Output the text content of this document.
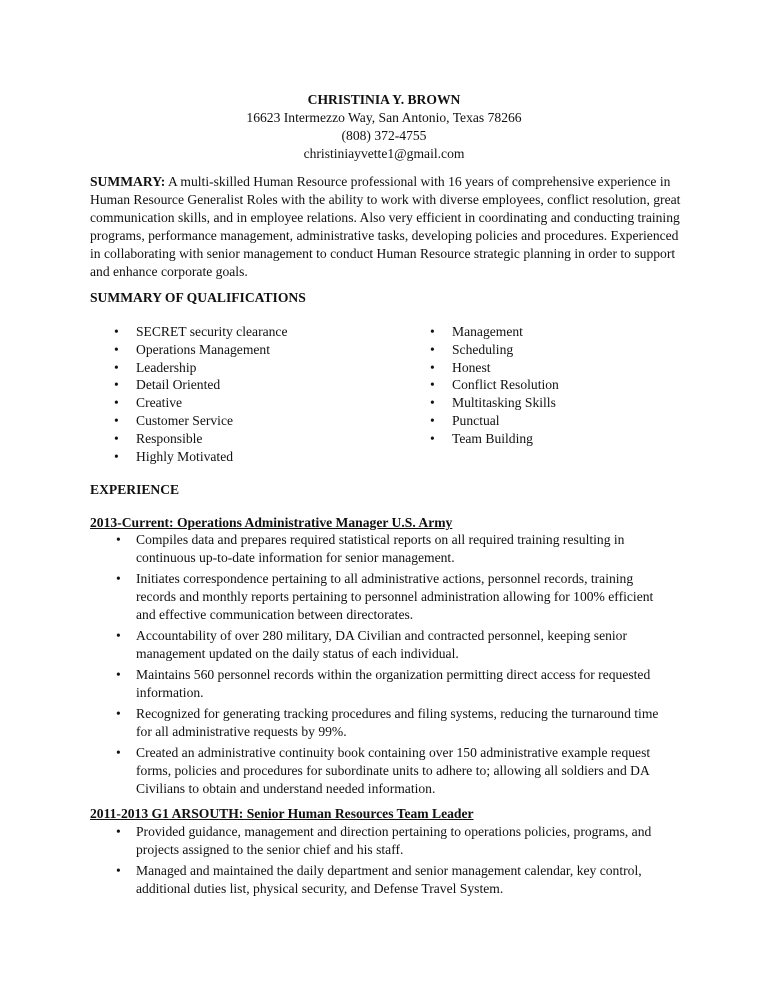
CHRISTINIA Y. BROWN
16623 Intermezzo Way, San Antonio, Texas 78266
(808) 372-4755
christiniayvette1@gmail.com
SUMMARY: A multi-skilled Human Resource professional with 16 years of comprehensive experience in Human Resource Generalist Roles with the ability to work with diverse employees, conflict resolution, great communication skills, and in employee relations. Also very efficient in coordinating and conducting training programs, performance management, administrative tasks, developing policies and procedures. Experienced in collaborating with senior management to conduct Human Resource strategic planning in order to support and enhance corporate goals.
SUMMARY OF QUALIFICATIONS
• SECRET security clearance
• Operations Management
• Leadership
• Detail Oriented
• Creative
• Customer Service
• Responsible
• Highly Motivated
• Management
• Scheduling
• Honest
• Conflict Resolution
• Multitasking Skills
• Punctual
• Team Building
EXPERIENCE
2013-Current: Operations Administrative Manager U.S. Army
• Compiles data and prepares required statistical reports on all required training resulting in continuous up-to-date information for senior management.
• Initiates correspondence pertaining to all administrative actions, personnel records, training records and monthly reports pertaining to personnel administration allowing for 100% efficient and effective communication between directorates.
• Accountability of over 280 military, DA Civilian and contracted personnel, keeping senior management updated on the daily status of each individual.
• Maintains 560 personnel records within the organization permitting direct access for requested information.
• Recognized for generating tracking procedures and filing systems, reducing the turnaround time for all administrative requests by 99%.
• Created an administrative continuity book containing over 150 administrative example request forms, policies and procedures for subordinate units to adhere to; allowing all soldiers and DA Civilians to obtain and understand needed information.
2011-2013 G1 ARSOUTH: Senior Human Resources Team Leader
• Provided guidance, management and direction pertaining to operations policies, programs, and projects assigned to the senior chief and his staff.
• Managed and maintained the daily department and senior management calendar, key control, additional duties list, physical security, and Defense Travel System.
